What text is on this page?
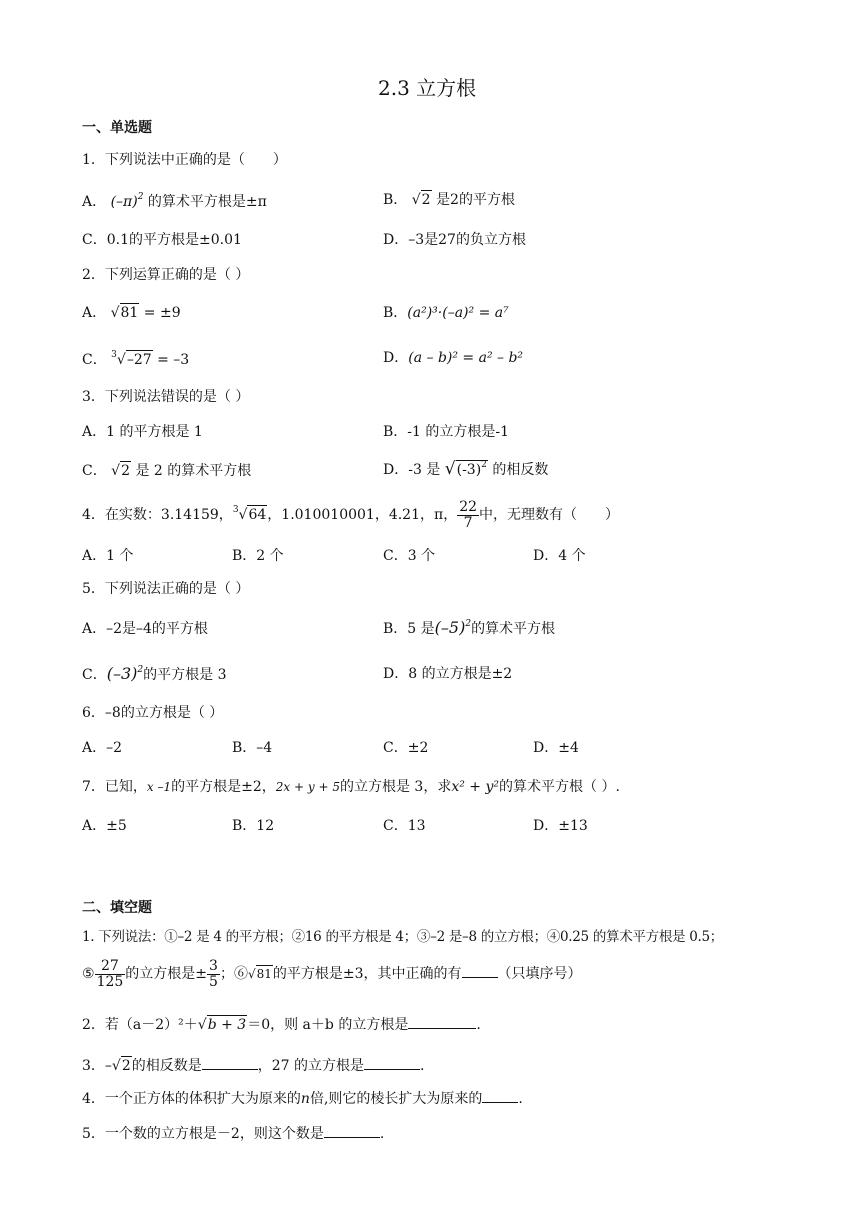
2.3 立方根
一、单选题
1．下列说法中正确的是（　　）
A． $(-\pi)^2$ 的算术平方根是±π	B． √2 是2的平方根
C．0.1的平方根是±0.01	D．–3是27的负立方根
2．下列运算正确的是（ ）
A． √81 = ±9	B．(a²)³·(–a)² = a⁷
C． $^3$√–27 = –3	D．(a – b)² = a² – b²
3．下列说法错误的是（ ）
A．1 的平方根是 1	B．-1 的立方根是-1
C． √2 是 2 的算术平方根	D．-3 是 $√(-3)^2$ 的相反数
4．在实数：3.14159，$^3$√64，1.010010001，4.21，π， $\frac{22}{7}$ 中，无理数有（　　）
A．1 个	B．2 个	C．3 个	D．4 个
5．下列说法正确的是（ ）
A．–2是–4的平方根	B．5 是$(-5)^2$的算术平方根
C．$(-3)^2$的平方根是 3	D．8 的立方根是±2
6．–8的立方根是（ ）
A．–2	B．–4	C．±2	D．±4
7．已知，x –1的平方根是±2，2x + y + 5的立方根是 3，求x² + y²的算术平方根（ ）.
A．±5	B．12	C．13	D．±13
二、填空题
1. 下列说法：①–2 是 4 的平方根；②16 的平方根是 4；③–2 是–8 的立方根；④0.25 的算术平方根是 0.5；
⑤ $\frac{27}{125}$ 的立方根是± $\frac{3}{5}$ ；⑥√81的平方根是±3，其中正确的有	（只填序号）
2．若（a－2）²＋√b + 3＝0，则 a＋b 的立方根是	.
3．–√2的相反数是	，27 的立方根是	.
4．一个正方体的体积扩大为原来的n倍,则它的棱长扩大为原来的	.
5．一个数的立方根是－2，则这个数是	.
